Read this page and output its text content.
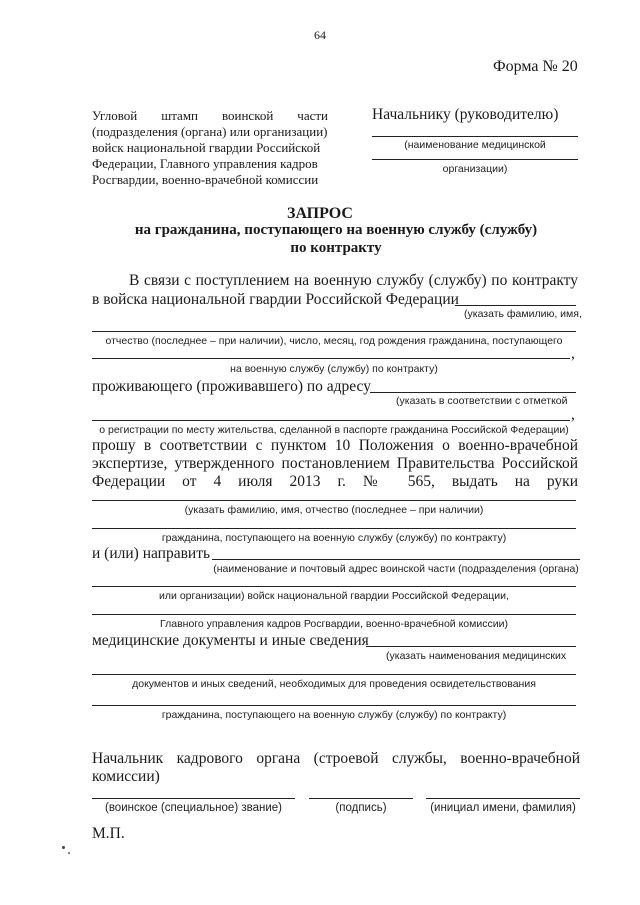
64
Форма № 20
Угловой штамп воинской части
(подразделения (органа) или организации)
войск национальной гвардии Российской
Федерации, Главного управления кадров
Росгвардии, военно-врачебной комиссии
Начальнику (руководителю)
(наименование медицинской
организации)
ЗАПРОС
на гражданина, поступающего на военную службу (службу)
по контракту
В связи с поступлением на военную службу (службу) по контракту
в войска национальной гвардии Российской Федерации
(указать фамилию, имя,
отчество (последнее – при наличии), число, месяц, год рождения гражданина, поступающего
,
на военную службу (службу) по контракту)
проживающего (проживавшего) по адресу
(указать в соответствии с отметкой
,
о регистрации по месту жительства, сделанной в паспорте гражданина Российской Федерации)
прошу в соответствии с пунктом 10 Положения о военно-врачебной
экспертизе, утвержденного постановлением Правительства Российской
Федерации от 4 июля 2013 г. № 565, выдать на руки
(указать фамилию, имя, отчество (последнее – при наличии)
гражданина, поступающего на военную службу (службу) по контракту)
и (или) направить
(наименование и почтовый адрес воинской части (подразделения (органа)
или организации) войск национальной гвардии Российской Федерации,
Главного управления кадров Росгвардии, военно-врачебной комиссии)
медицинские документы и иные сведения
(указать наименования медицинских
документов и иных сведений, необходимых для проведения освидетельствования
гражданина, поступающего на военную службу (службу) по контракту)
Начальник кадрового органа (строевой службы, военно-врачебной
комиссии)
(воинское (специальное) звание)	(подпись)	(инициал имени, фамилия)
М.П.
